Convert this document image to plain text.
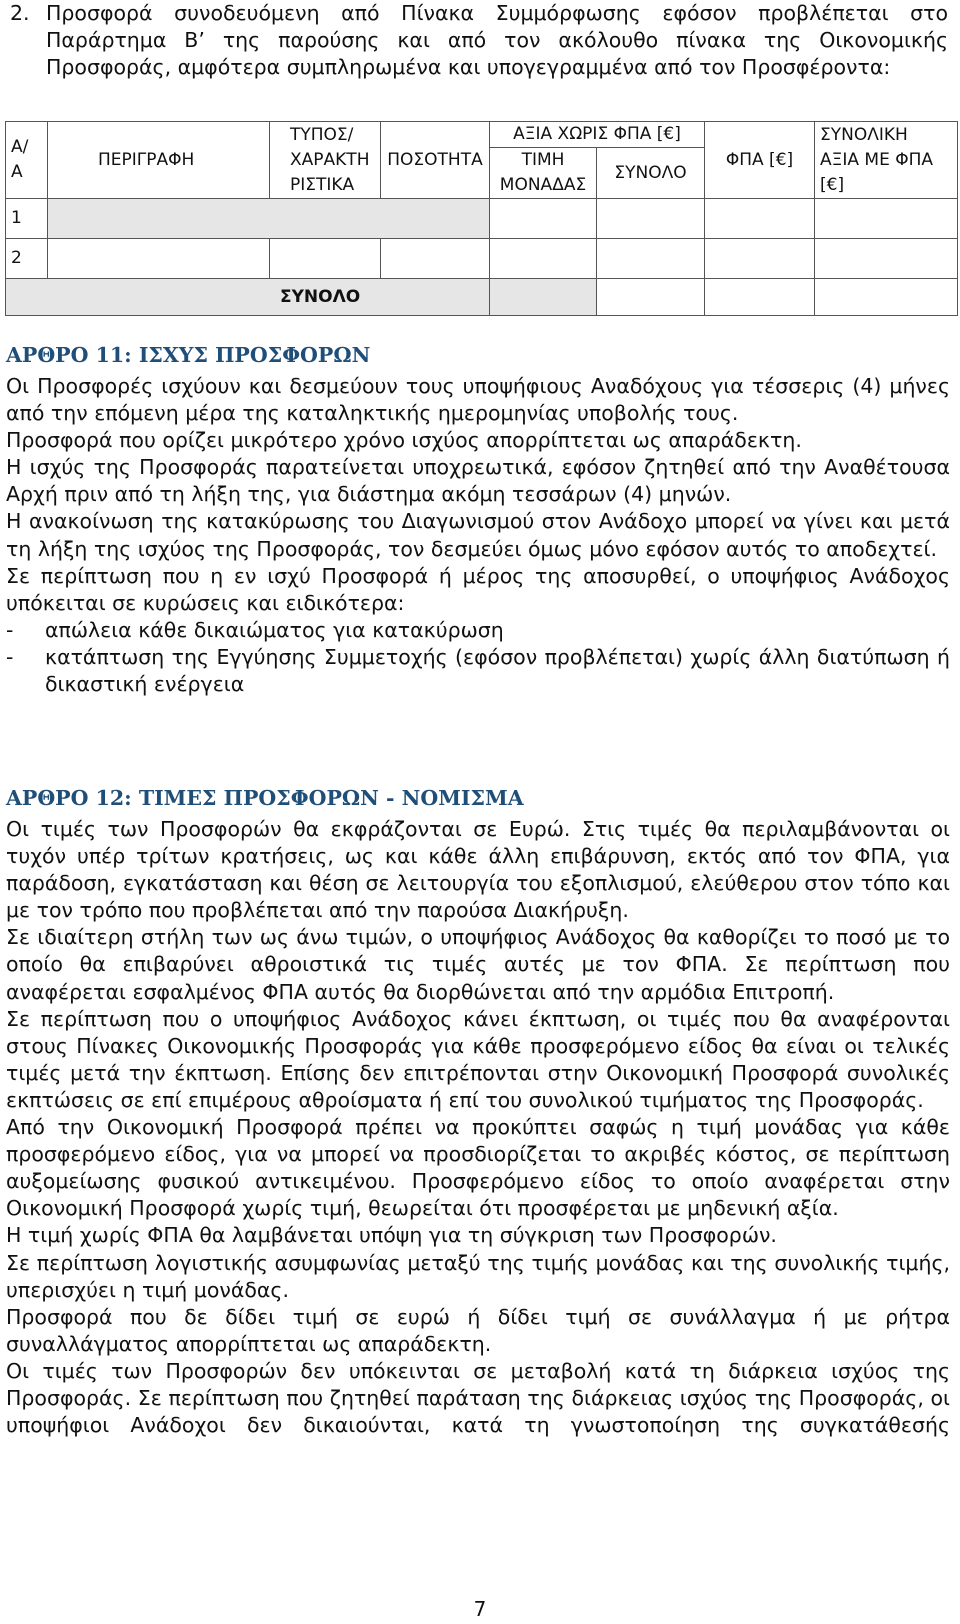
2. Προσφορά συνοδευόμενη από Πίνακα Συμμόρφωσης εφόσον προβλέπεται στο Παράρτημα Β’ της παρούσης και από τον ακόλουθο πίνακα της Οικονομικής Προσφοράς, αμφότερα συμπληρωμένα και υπογεγραμμένα από τον Προσφέροντα:
Α/ Α	ΠΕΡΙΓΡΑΦΗ	ΤΥΠΟΣ/ ΧΑΡΑΚΤΗ ΡΙΣΤΙΚΑ	ΠΟΣΟΤΗΤΑ	ΑΞΙΑ ΧΩΡΙΣ ΦΠΑ [€]		ΦΠΑ [€]	ΣΥΝΟΛΙΚΗ ΑΞΙΑ ΜΕ ΦΠΑ [€]
				ΤΙΜΗ ΜΟΝΑΔΑΣ	ΣΥΝΟΛΟ		
1							
2							
ΣΥΝΟΛΟ							
ΑΡΘΡΟ 11: ΙΣΧΥΣ ΠΡΟΣΦΟΡΩΝ

Οι Προσφορές ισχύουν και δεσμεύουν τους υποψήφιους Αναδόχους για τέσσερις (4) μήνες από την επόμενη μέρα της καταληκτικής ημερομηνίας υποβολής τους.

Προσφορά που ορίζει μικρότερο χρόνο ισχύος απορρίπτεται ως απαράδεκτη.

Η ισχύς της Προσφοράς παρατείνεται υποχρεωτικά, εφόσον ζητηθεί από την Αναθέτουσα Αρχή πριν από τη λήξη της, για διάστημα ακόμη τεσσάρων (4) μηνών.

Η ανακοίνωση της κατακύρωσης του Διαγωνισμού στον Ανάδοχο μπορεί να γίνει και μετά τη λήξη της ισχύος της Προσφοράς, τον δεσμεύει όμως μόνο εφόσον αυτός το αποδεχτεί.

Σε περίπτωση που η εν ισχύ Προσφορά ή μέρος της αποσυρθεί, ο υποψήφιος Ανάδοχος υπόκειται σε κυρώσεις και ειδικότερα:

- απώλεια κάθε δικαιώματος για κατακύρωση
- κατάπτωση της Εγγύησης Συμμετοχής (εφόσον προβλέπεται) χωρίς άλλη διατύπωση ή δικαστική ενέργεια
ΑΡΘΡΟ 12: ΤΙΜΕΣ ΠΡΟΣΦΟΡΩΝ - ΝΟΜΙΣΜΑ

Οι τιμές των Προσφορών θα εκφράζονται σε Ευρώ. Στις τιμές θα περιλαμβάνονται οι τυχόν υπέρ τρίτων κρατήσεις, ως και κάθε άλλη επιβάρυνση, εκτός από τον ΦΠΑ, για παράδοση, εγκατάσταση και θέση σε λειτουργία του εξοπλισμού, ελεύθερου στον τόπο και με τον τρόπο που προβλέπεται από την παρούσα Διακήρυξη.

Σε ιδιαίτερη στήλη των ως άνω τιμών, ο υποψήφιος Ανάδοχος θα καθορίζει το ποσό με το οποίο θα επιβαρύνει αθροιστικά τις τιμές αυτές με τον ΦΠΑ. Σε περίπτωση που αναφέρεται εσφαλμένος ΦΠΑ αυτός θα διορθώνεται από την αρμόδια Επιτροπή.

Σε περίπτωση που ο υποψήφιος Ανάδοχος κάνει έκπτωση, οι τιμές που θα αναφέρονται στους Πίνακες Οικονομικής Προσφοράς για κάθε προσφερόμενο είδος θα είναι οι τελικές τιμές μετά την έκπτωση. Επίσης δεν επιτρέπονται στην Οικονομική Προσφορά συνολικές εκπτώσεις σε επί επιμέρους αθροίσματα ή επί του συνολικού τιμήματος της Προσφοράς.

Από την Οικονομική Προσφορά πρέπει να προκύπτει σαφώς η τιμή μονάδας για κάθε προσφερόμενο είδος, για να μπορεί να προσδιορίζεται το ακριβές κόστος, σε περίπτωση αυξομείωσης φυσικού αντικειμένου. Προσφερόμενο είδος το οποίο αναφέρεται στην Οικονομική Προσφορά χωρίς τιμή, θεωρείται ότι προσφέρεται με μηδενική αξία.

Η τιμή χωρίς ΦΠΑ θα λαμβάνεται υπόψη για τη σύγκριση των Προσφορών.

Σε περίπτωση λογιστικής ασυμφωνίας μεταξύ της τιμής μονάδας και της συνολικής τιμής, υπερισχύει η τιμή μονάδας.

Προσφορά που δε δίδει τιμή σε ευρώ ή δίδει τιμή σε συνάλλαγμα ή με ρήτρα συναλλάγματος απορρίπτεται ως απαράδεκτη.

Οι τιμές των Προσφορών δεν υπόκεινται σε μεταβολή κατά τη διάρκεια ισχύος της Προσφοράς. Σε περίπτωση που ζητηθεί παράταση της διάρκειας ισχύος της Προσφοράς, οι υποψήφιοι Ανάδοχοι δεν δικαιούνται, κατά τη γνωστοποίηση της συγκατάθεσής

7
